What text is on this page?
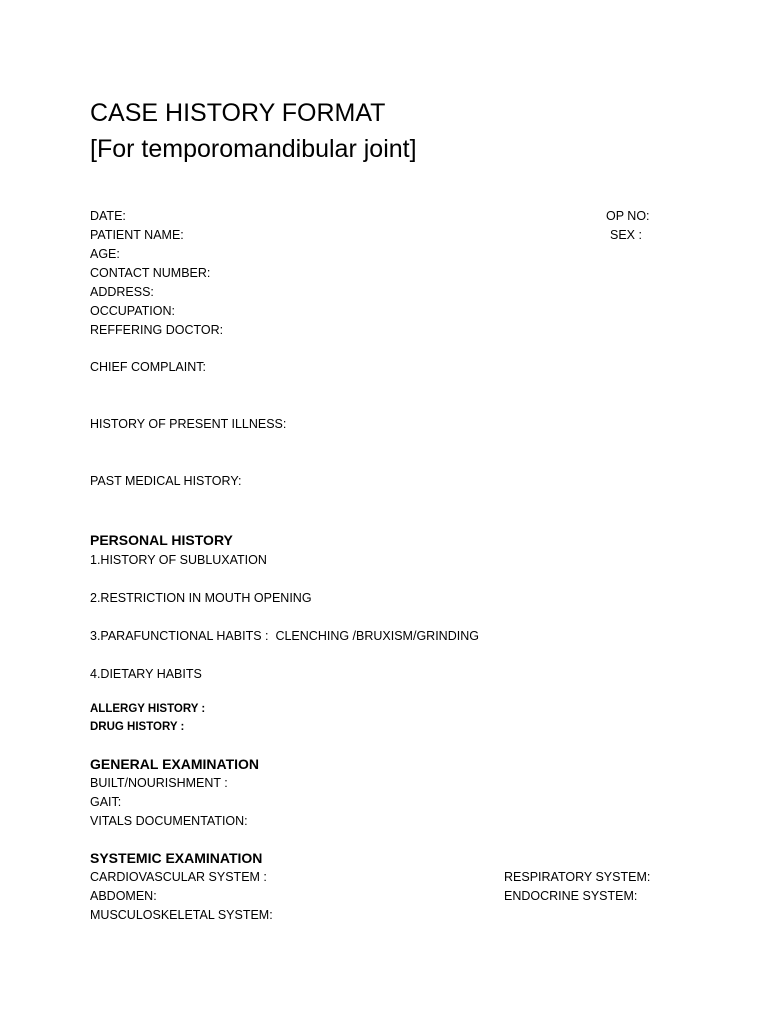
CASE HISTORY FORMAT
[For temporomandibular joint]
DATE:	OP NO:
PATIENT NAME:	SEX :
AGE:
CONTACT NUMBER:
ADDRESS:
OCCUPATION:
REFFERING DOCTOR:
CHIEF COMPLAINT:
HISTORY OF PRESENT ILLNESS:
PAST MEDICAL HISTORY:
PERSONAL HISTORY
1.HISTORY OF SUBLUXATION
2.RESTRICTION IN MOUTH OPENING
3.PARAFUNCTIONAL HABITS :  CLENCHING /BRUXISM/GRINDING
4.DIETARY HABITS
ALLERGY HISTORY :
DRUG HISTORY :
GENERAL EXAMINATION
BUILT/NOURISHMENT :
GAIT:
VITALS DOCUMENTATION:
SYSTEMIC EXAMINATION
CARDIOVASCULAR SYSTEM :	RESPIRATORY SYSTEM:
ABDOMEN:	ENDOCRINE SYSTEM:
MUSCULOSKELETAL SYSTEM:
